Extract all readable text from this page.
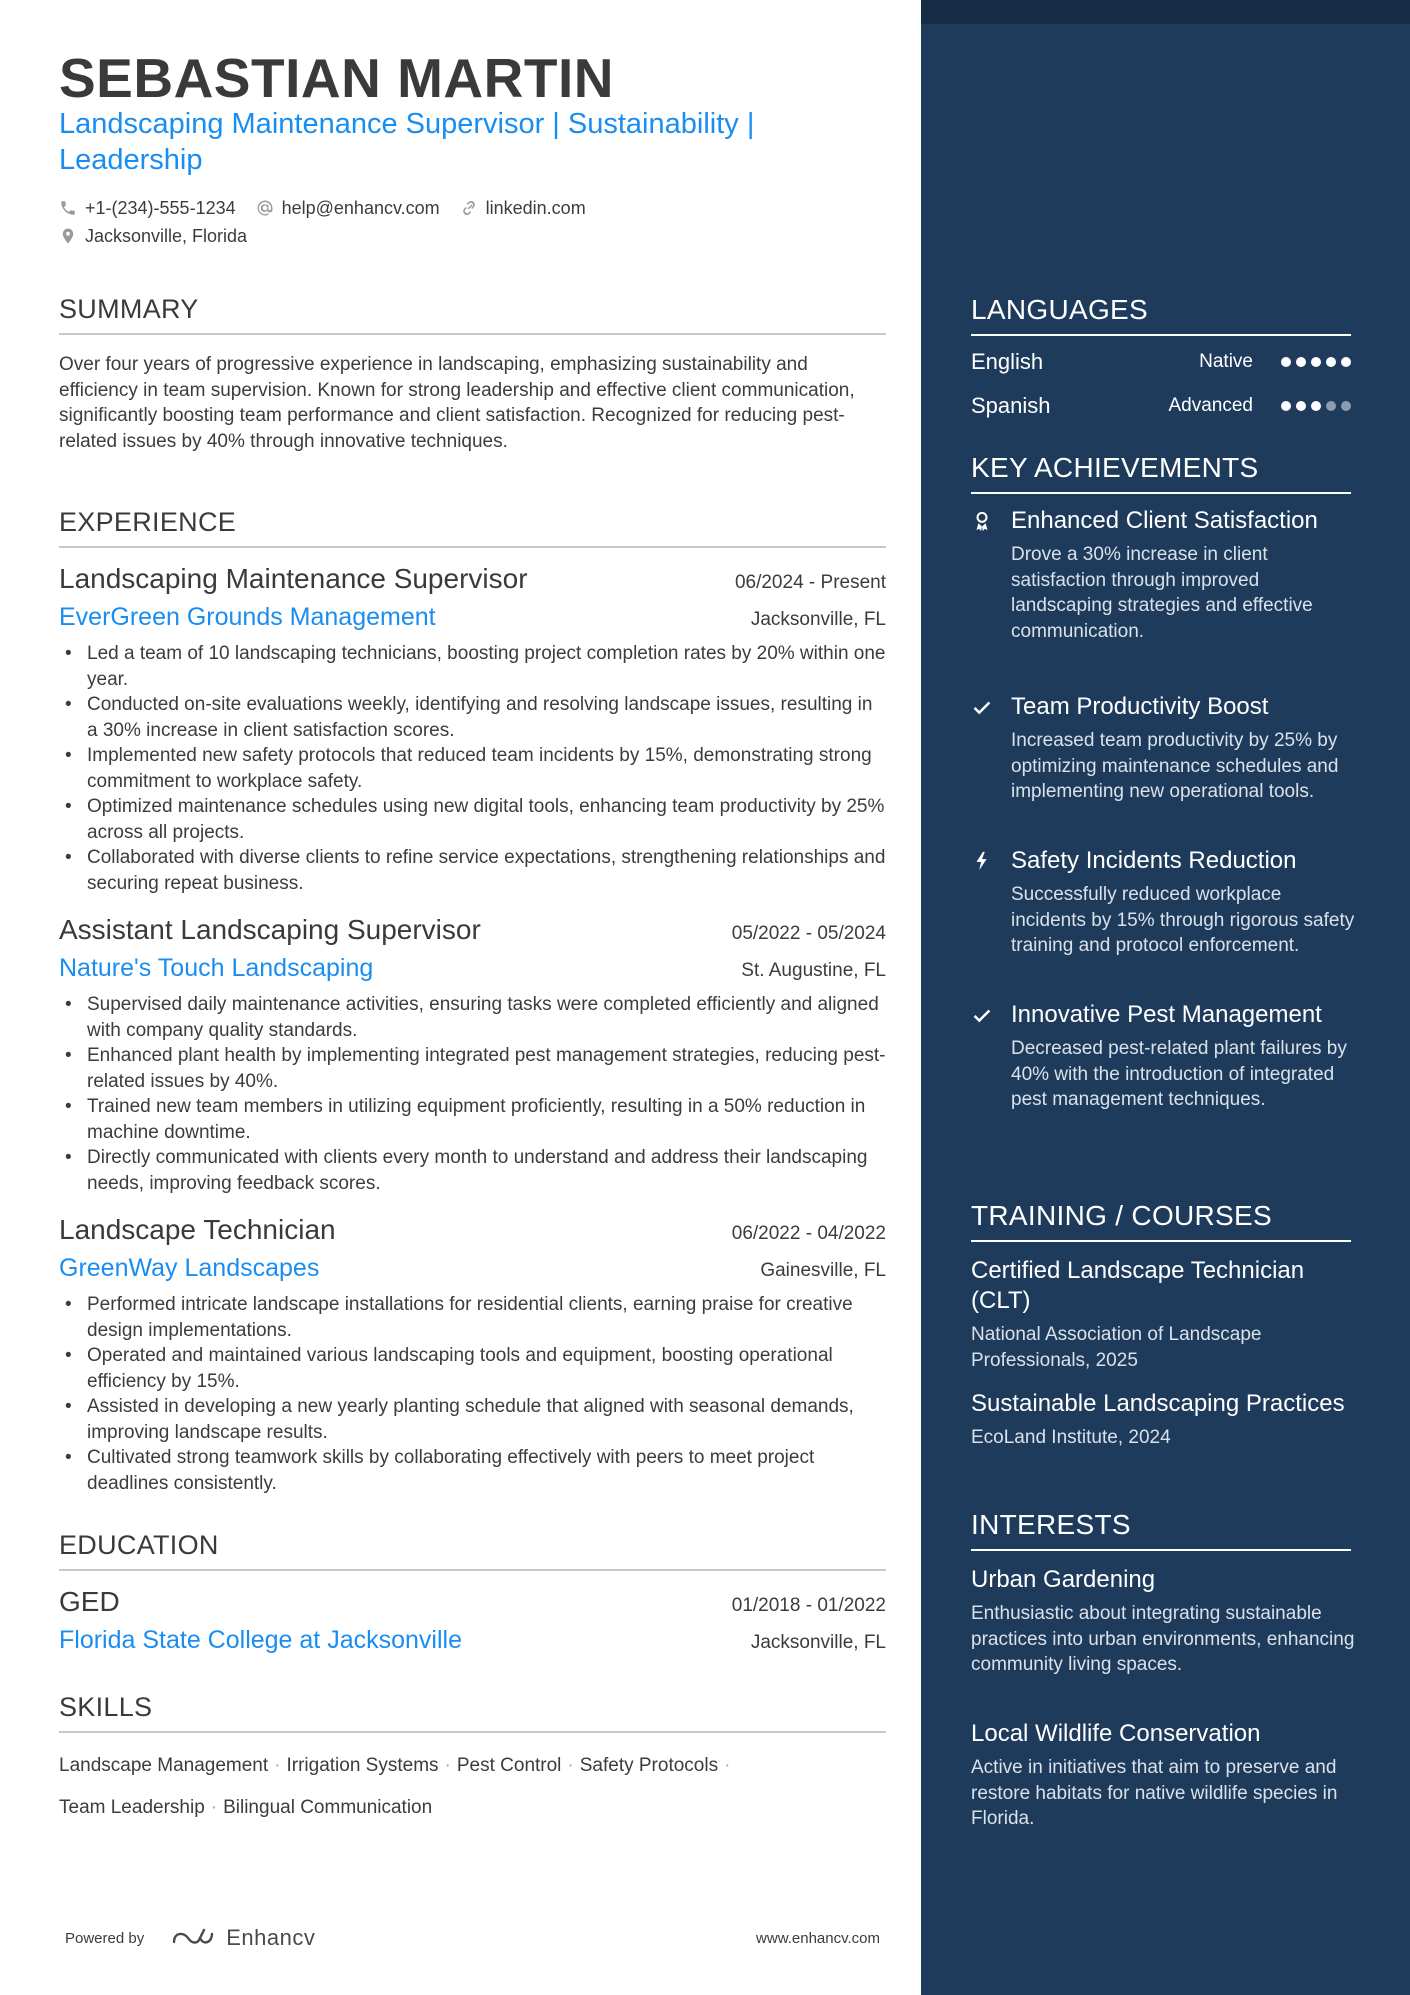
SEBASTIAN MARTIN
Landscaping Maintenance Supervisor | Sustainability | Leadership
+1-(234)-555-1234	help@enhancv.com	linkedin.com
Jacksonville, Florida
SUMMARY
Over four years of progressive experience in landscaping, emphasizing sustainability and efficiency in team supervision. Known for strong leadership and effective client communication, significantly boosting team performance and client satisfaction. Recognized for reducing pest-related issues by 40% through innovative techniques.
EXPERIENCE
Landscaping Maintenance Supervisor	06/2024 - Present
EverGreen Grounds Management	Jacksonville, FL
• Led a team of 10 landscaping technicians, boosting project completion rates by 20% within one year.
• Conducted on-site evaluations weekly, identifying and resolving landscape issues, resulting in a 30% increase in client satisfaction scores.
• Implemented new safety protocols that reduced team incidents by 15%, demonstrating strong commitment to workplace safety.
• Optimized maintenance schedules using new digital tools, enhancing team productivity by 25% across all projects.
• Collaborated with diverse clients to refine service expectations, strengthening relationships and securing repeat business.
Assistant Landscaping Supervisor	05/2022 - 05/2024
Nature's Touch Landscaping	St. Augustine, FL
• Supervised daily maintenance activities, ensuring tasks were completed efficiently and aligned with company quality standards.
• Enhanced plant health by implementing integrated pest management strategies, reducing pest-related issues by 40%.
• Trained new team members in utilizing equipment proficiently, resulting in a 50% reduction in machine downtime.
• Directly communicated with clients every month to understand and address their landscaping needs, improving feedback scores.
Landscape Technician	06/2022 - 04/2022
GreenWay Landscapes	Gainesville, FL
• Performed intricate landscape installations for residential clients, earning praise for creative design implementations.
• Operated and maintained various landscaping tools and equipment, boosting operational efficiency by 15%.
• Assisted in developing a new yearly planting schedule that aligned with seasonal demands, improving landscape results.
• Cultivated strong teamwork skills by collaborating effectively with peers to meet project deadlines consistently.
EDUCATION
GED	01/2018 - 01/2022
Florida State College at Jacksonville	Jacksonville, FL
SKILLS
Landscape Management · Irrigation Systems · Pest Control · Safety Protocols ·
Team Leadership · Bilingual Communication
Powered by	Enhancv	www.enhancv.com
LANGUAGES
English	Native
Spanish	Advanced
KEY ACHIEVEMENTS
Enhanced Client Satisfaction
Drove a 30% increase in client satisfaction through improved landscaping strategies and effective communication.
Team Productivity Boost
Increased team productivity by 25% by optimizing maintenance schedules and implementing new operational tools.
Safety Incidents Reduction
Successfully reduced workplace incidents by 15% through rigorous safety training and protocol enforcement.
Innovative Pest Management
Decreased pest-related plant failures by 40% with the introduction of integrated pest management techniques.
TRAINING / COURSES
Certified Landscape Technician (CLT)
National Association of Landscape Professionals, 2025
Sustainable Landscaping Practices
EcoLand Institute, 2024
INTERESTS
Urban Gardening
Enthusiastic about integrating sustainable practices into urban environments, enhancing community living spaces.
Local Wildlife Conservation
Active in initiatives that aim to preserve and restore habitats for native wildlife species in Florida.
